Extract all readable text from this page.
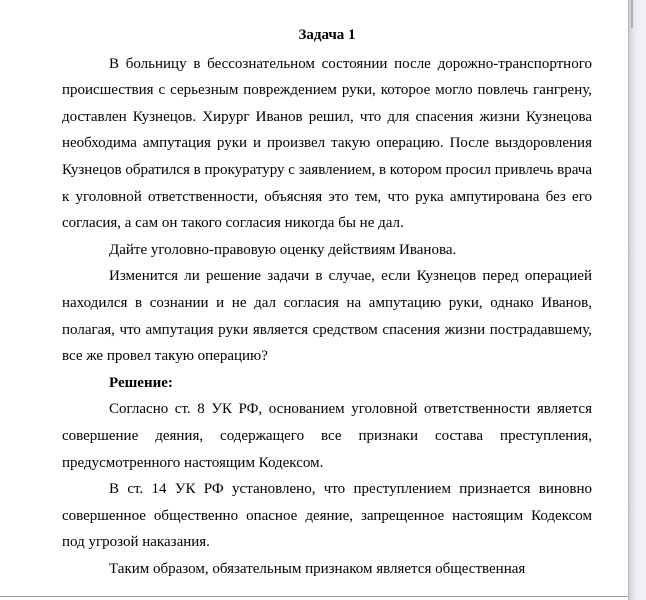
Задача 1

В больницу в бессознательном состоянии после дорожно-транспортного происшествия с серьезным повреждением руки, которое могло повлечь гангрену, доставлен Кузнецов. Хирург Иванов решил, что для спасения жизни Кузнецова необходима ампутация руки и произвел такую операцию. После выздоровления Кузнецов обратился в прокуратуру с заявлением, в котором просил привлечь врача к уголовной ответственности, объясняя это тем, что рука ампутирована без его согласия, а сам он такого согласия никогда бы не дал.

Дайте уголовно-правовую оценку действиям Иванова.

Изменится ли решение задачи в случае, если Кузнецов перед операцией находился в сознании и не дал согласия на ампутацию руки, однако Иванов, полагая, что ампутация руки является средством спасения жизни пострадавшему, все же провел такую операцию?

Решение:

Согласно ст. 8 УК РФ, основанием уголовной ответственности является совершение деяния, содержащего все признаки состава преступления, предусмотренного настоящим Кодексом.

В ст. 14 УК РФ установлено, что преступлением признается виновно совершенное общественно опасное деяние, запрещенное настоящим Кодексом под угрозой наказания.

Таким образом, обязательным признаком является общественная
